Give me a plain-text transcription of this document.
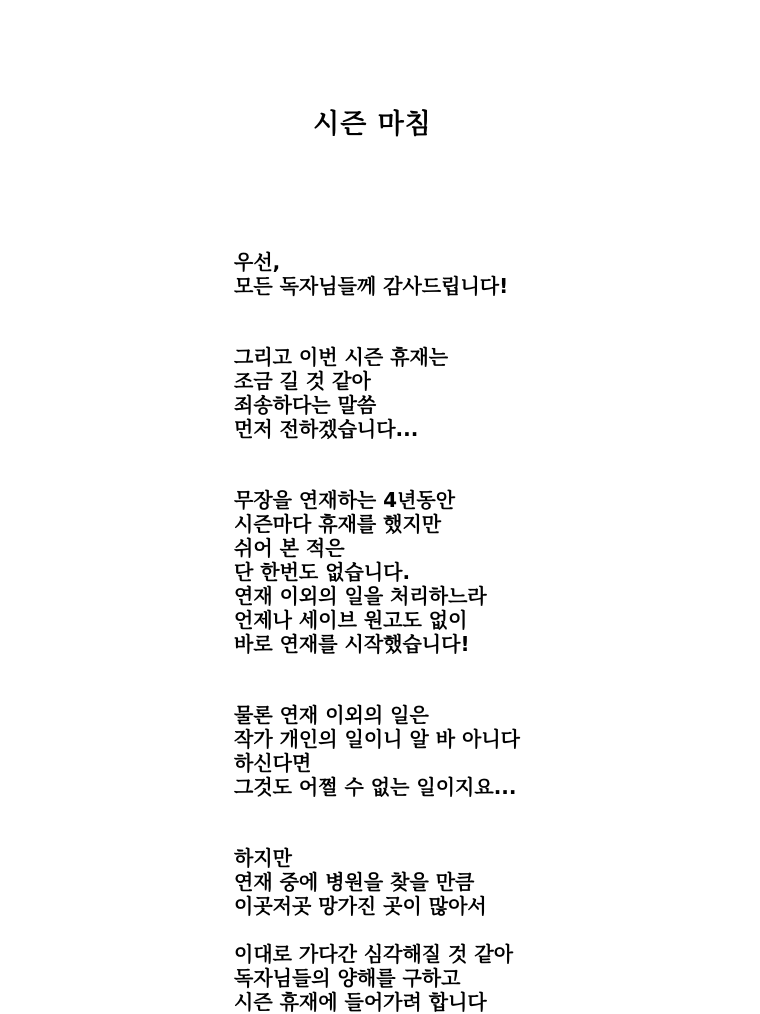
시즌 마침
우선,
모든 독자님들께 감사드립니다!
그리고 이번 시즌 휴재는
조금 길 것 같아
죄송하다는 말씀
먼저 전하겠습니다...
무장을 연재하는 4년동안
시즌마다 휴재를 했지만
쉬어 본 적은
단 한번도 없습니다.
연재 이외의 일을 처리하느라
언제나 세이브 원고도 없이
바로 연재를 시작했습니다!
물론 연재 이외의 일은
작가 개인의 일이니 알 바 아니다
하신다면
그것도 어쩔 수 없는 일이지요...
하지만
연재 중에 병원을 찾을 만큼
이곳저곳 망가진 곳이 많아서
이대로 가다간 심각해질 것 같아
독자님들의 양해를 구하고
시즌 휴재에 들어가려 합니다
